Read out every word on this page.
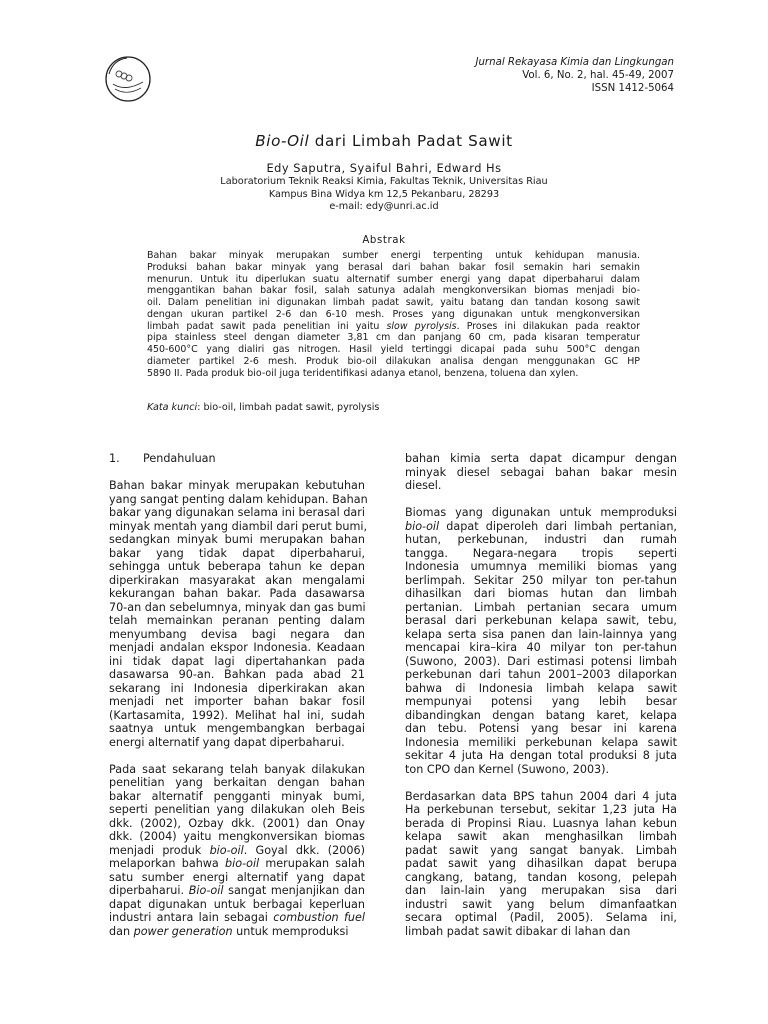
Jurnal Rekayasa Kimia dan Lingkungan
Vol. 6, No. 2, hal. 45-49, 2007
ISSN 1412-5064
Bio-Oil dari Limbah Padat Sawit
Edy Saputra, Syaiful Bahri, Edward Hs
Laboratorium Teknik Reaksi Kimia, Fakultas Teknik, Universitas Riau
Kampus Bina Widya km 12,5 Pekanbaru, 28293
e-mail: edy@unri.ac.id
Abstrak
Bahan bakar minyak merupakan sumber energi terpenting untuk kehidupan manusia.
Produksi bahan bakar minyak yang berasal dari bahan bakar fosil semakin hari semakin
menurun. Untuk itu diperlukan suatu alternatif sumber energi yang dapat diperbaharui dalam
menggantikan bahan bakar fosil, salah satunya adalah mengkonversikan biomas menjadi bio-
oil. Dalam penelitian ini digunakan limbah padat sawit, yaitu batang dan tandan kosong sawit
dengan ukuran partikel 2-6 dan 6-10 mesh. Proses yang digunakan untuk mengkonversikan
limbah padat sawit pada penelitian ini yaitu slow pyrolysis. Proses ini dilakukan pada reaktor
pipa stainless steel dengan diameter 3,81 cm dan panjang 60 cm, pada kisaran temperatur
450-600°C yang dialiri gas nitrogen. Hasil yield tertinggi dicapai pada suhu 500°C dengan
diameter partikel 2-6 mesh. Produk bio-oil dilakukan analisa dengan menggunakan GC HP
5890 II. Pada produk bio-oil juga teridentifikasi adanya etanol, benzena, toluena dan xylen.
Kata kunci: bio-oil, limbah padat sawit, pyrolysis
1. Pendahuluan
Bahan bakar minyak merupakan kebutuhan
yang sangat penting dalam kehidupan. Bahan
bakar yang digunakan selama ini berasal dari
minyak mentah yang diambil dari perut bumi,
sedangkan minyak bumi merupakan bahan
bakar yang tidak dapat diperbaharui,
sehingga untuk beberapa tahun ke depan
diperkirakan masyarakat akan mengalami
kekurangan bahan bakar. Pada dasawarsa
70-an dan sebelumnya, minyak dan gas bumi
telah memainkan peranan penting dalam
menyumbang devisa bagi negara dan
menjadi andalan ekspor Indonesia. Keadaan
ini tidak dapat lagi dipertahankan pada
dasawarsa 90-an. Bahkan pada abad 21
sekarang ini Indonesia diperkirakan akan
menjadi net importer bahan bakar fosil
(Kartasamita, 1992). Melihat hal ini, sudah
saatnya untuk mengembangkan berbagai
energi alternatif yang dapat diperbaharui.
Pada saat sekarang telah banyak dilakukan
penelitian yang berkaitan dengan bahan
bakar alternatif pengganti minyak bumi,
seperti penelitian yang dilakukan oleh Beis
dkk. (2002), Ozbay dkk. (2001) dan Onay
dkk. (2004) yaitu mengkonversikan biomas
menjadi produk bio-oil. Goyal dkk. (2006)
melaporkan bahwa bio-oil merupakan salah
satu sumber energi alternatif yang dapat
diperbaharui. Bio-oil sangat menjanjikan dan
dapat digunakan untuk berbagai keperluan
industri antara lain sebagai combustion fuel
dan power generation untuk memproduksi
bahan kimia serta dapat dicampur dengan
minyak diesel sebagai bahan bakar mesin
diesel.
Biomas yang digunakan untuk memproduksi
bio-oil dapat diperoleh dari limbah pertanian,
hutan, perkebunan, industri dan rumah
tangga. Negara-negara tropis seperti
Indonesia umumnya memiliki biomas yang
berlimpah. Sekitar 250 milyar ton per-tahun
dihasilkan dari biomas hutan dan limbah
pertanian. Limbah pertanian secara umum
berasal dari perkebunan kelapa sawit, tebu,
kelapa serta sisa panen dan lain-lainnya yang
mencapai kira–kira 40 milyar ton per-tahun
(Suwono, 2003). Dari estimasi potensi limbah
perkebunan dari tahun 2001–2003 dilaporkan
bahwa di Indonesia limbah kelapa sawit
mempunyai potensi yang lebih besar
dibandingkan dengan batang karet, kelapa
dan tebu. Potensi yang besar ini karena
Indonesia memiliki perkebunan kelapa sawit
sekitar 4 juta Ha dengan total produksi 8 juta
ton CPO dan Kernel (Suwono, 2003).
Berdasarkan data BPS tahun 2004 dari 4 juta
Ha perkebunan tersebut, sekitar 1,23 juta Ha
berada di Propinsi Riau. Luasnya lahan kebun
kelapa sawit akan menghasilkan limbah
padat sawit yang sangat banyak. Limbah
padat sawit yang dihasilkan dapat berupa
cangkang, batang, tandan kosong, pelepah
dan lain-lain yang merupakan sisa dari
industri sawit yang belum dimanfaatkan
secara optimal (Padil, 2005). Selama ini,
limbah padat sawit dibakar di lahan dan
